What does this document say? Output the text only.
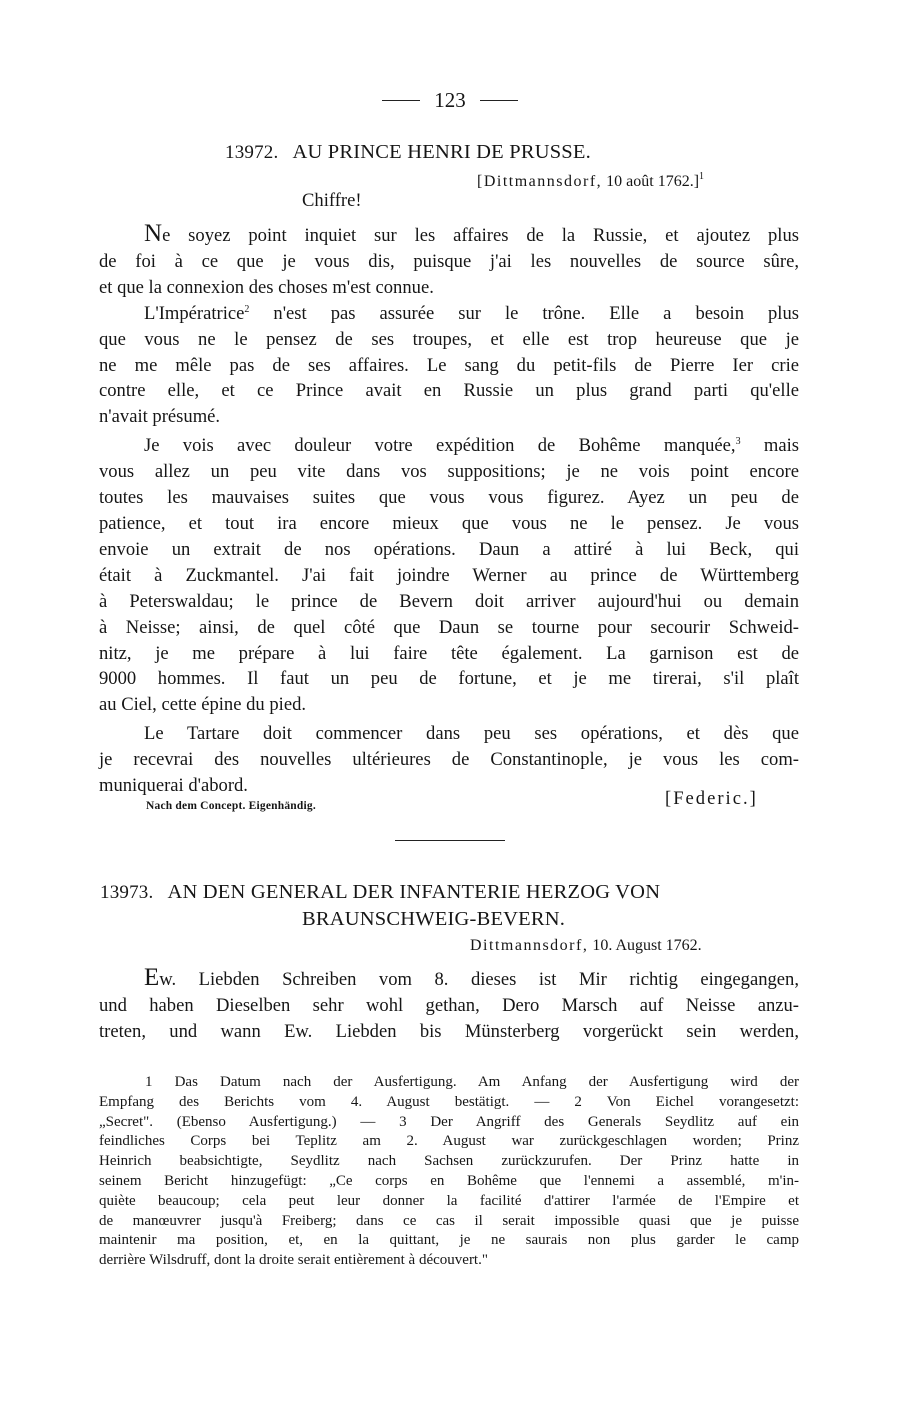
123
13972. AU PRINCE HENRI DE PRUSSE.
[Dittmannsdorf, 10 août 1762.]$^1$
Chiffre!

Ne soyez point inquiet sur les affaires de la Russie, et ajoutez plus

de foi à ce que je vous dis, puisque j'ai les nouvelles de source sûre,

et que la connexion des choses m'est connue.

L'Impératrice$^2$ n'est pas assurée sur le trône. Elle a besoin plus

que vous ne le pensez de ses troupes, et elle est trop heureuse que je

ne me mêle pas de ses affaires. Le sang du petit-fils de Pierre Ier crie

contre elle, et ce Prince avait en Russie un plus grand parti qu'elle

n'avait présumé.

Je vois avec douleur votre expédition de Bohême manquée,$^3$ mais

vous allez un peu vite dans vos suppositions; je ne vois point encore

toutes les mauvaises suites que vous vous figurez. Ayez un peu de

patience, et tout ira encore mieux que vous ne le pensez. Je vous

envoie un extrait de nos opérations. Daun a attiré à lui Beck, qui

était à Zuckmantel. J'ai fait joindre Werner au prince de Württemberg

à Peterswaldau; le prince de Bevern doit arriver aujourd'hui ou demain

à Neisse; ainsi, de quel côté que Daun se tourne pour secourir Schweid-

nitz, je me prépare à lui faire tête également. La garnison est de

9000 hommes. Il faut un peu de fortune, et je me tirerai, s'il plaît

au Ciel, cette épine du pied.

Le Tartare doit commencer dans peu ses opérations, et dès que

je recevrai des nouvelles ultérieures de Constantinople, je vous les com-

muniquerai d'abord.

Nach dem Concept. Eigenhändig.	[Federic.]
13973. AN DEN GENERAL DER INFANTERIE HERZOG VON
BRAUNSCHWEIG-BEVERN.
Dittmannsdorf, 10. August 1762.

Ew. Liebden Schreiben vom 8. dieses ist Mir richtig eingegangen,

und haben Dieselben sehr wohl gethan, Dero Marsch auf Neisse anzu-

treten, und wann Ew. Liebden bis Münsterberg vorgerückt sein werden,

1 Das Datum nach der Ausfertigung. Am Anfang der Ausfertigung wird der

Empfang des Berichts vom 4. August bestätigt. — 2 Von Eichel vorangesetzt:

„Secret". (Ebenso Ausfertigung.) — 3 Der Angriff des Generals Seydlitz auf ein

feindliches Corps bei Teplitz am 2. August war zurückgeschlagen worden; Prinz

Heinrich beabsichtigte, Seydlitz nach Sachsen zurückzurufen. Der Prinz hatte in

seinem Bericht hinzugefügt: „Ce corps en Bohême que l'ennemi a assemblé, m'in-

quiète beaucoup; cela peut leur donner la facilité d'attirer l'armée de l'Empire et

de manœuvrer jusqu'à Freiberg; dans ce cas il serait impossible quasi que je puisse

maintenir ma position, et, en la quittant, je ne saurais non plus garder le camp

derrière Wilsdruff, dont la droite serait entièrement à découvert."
